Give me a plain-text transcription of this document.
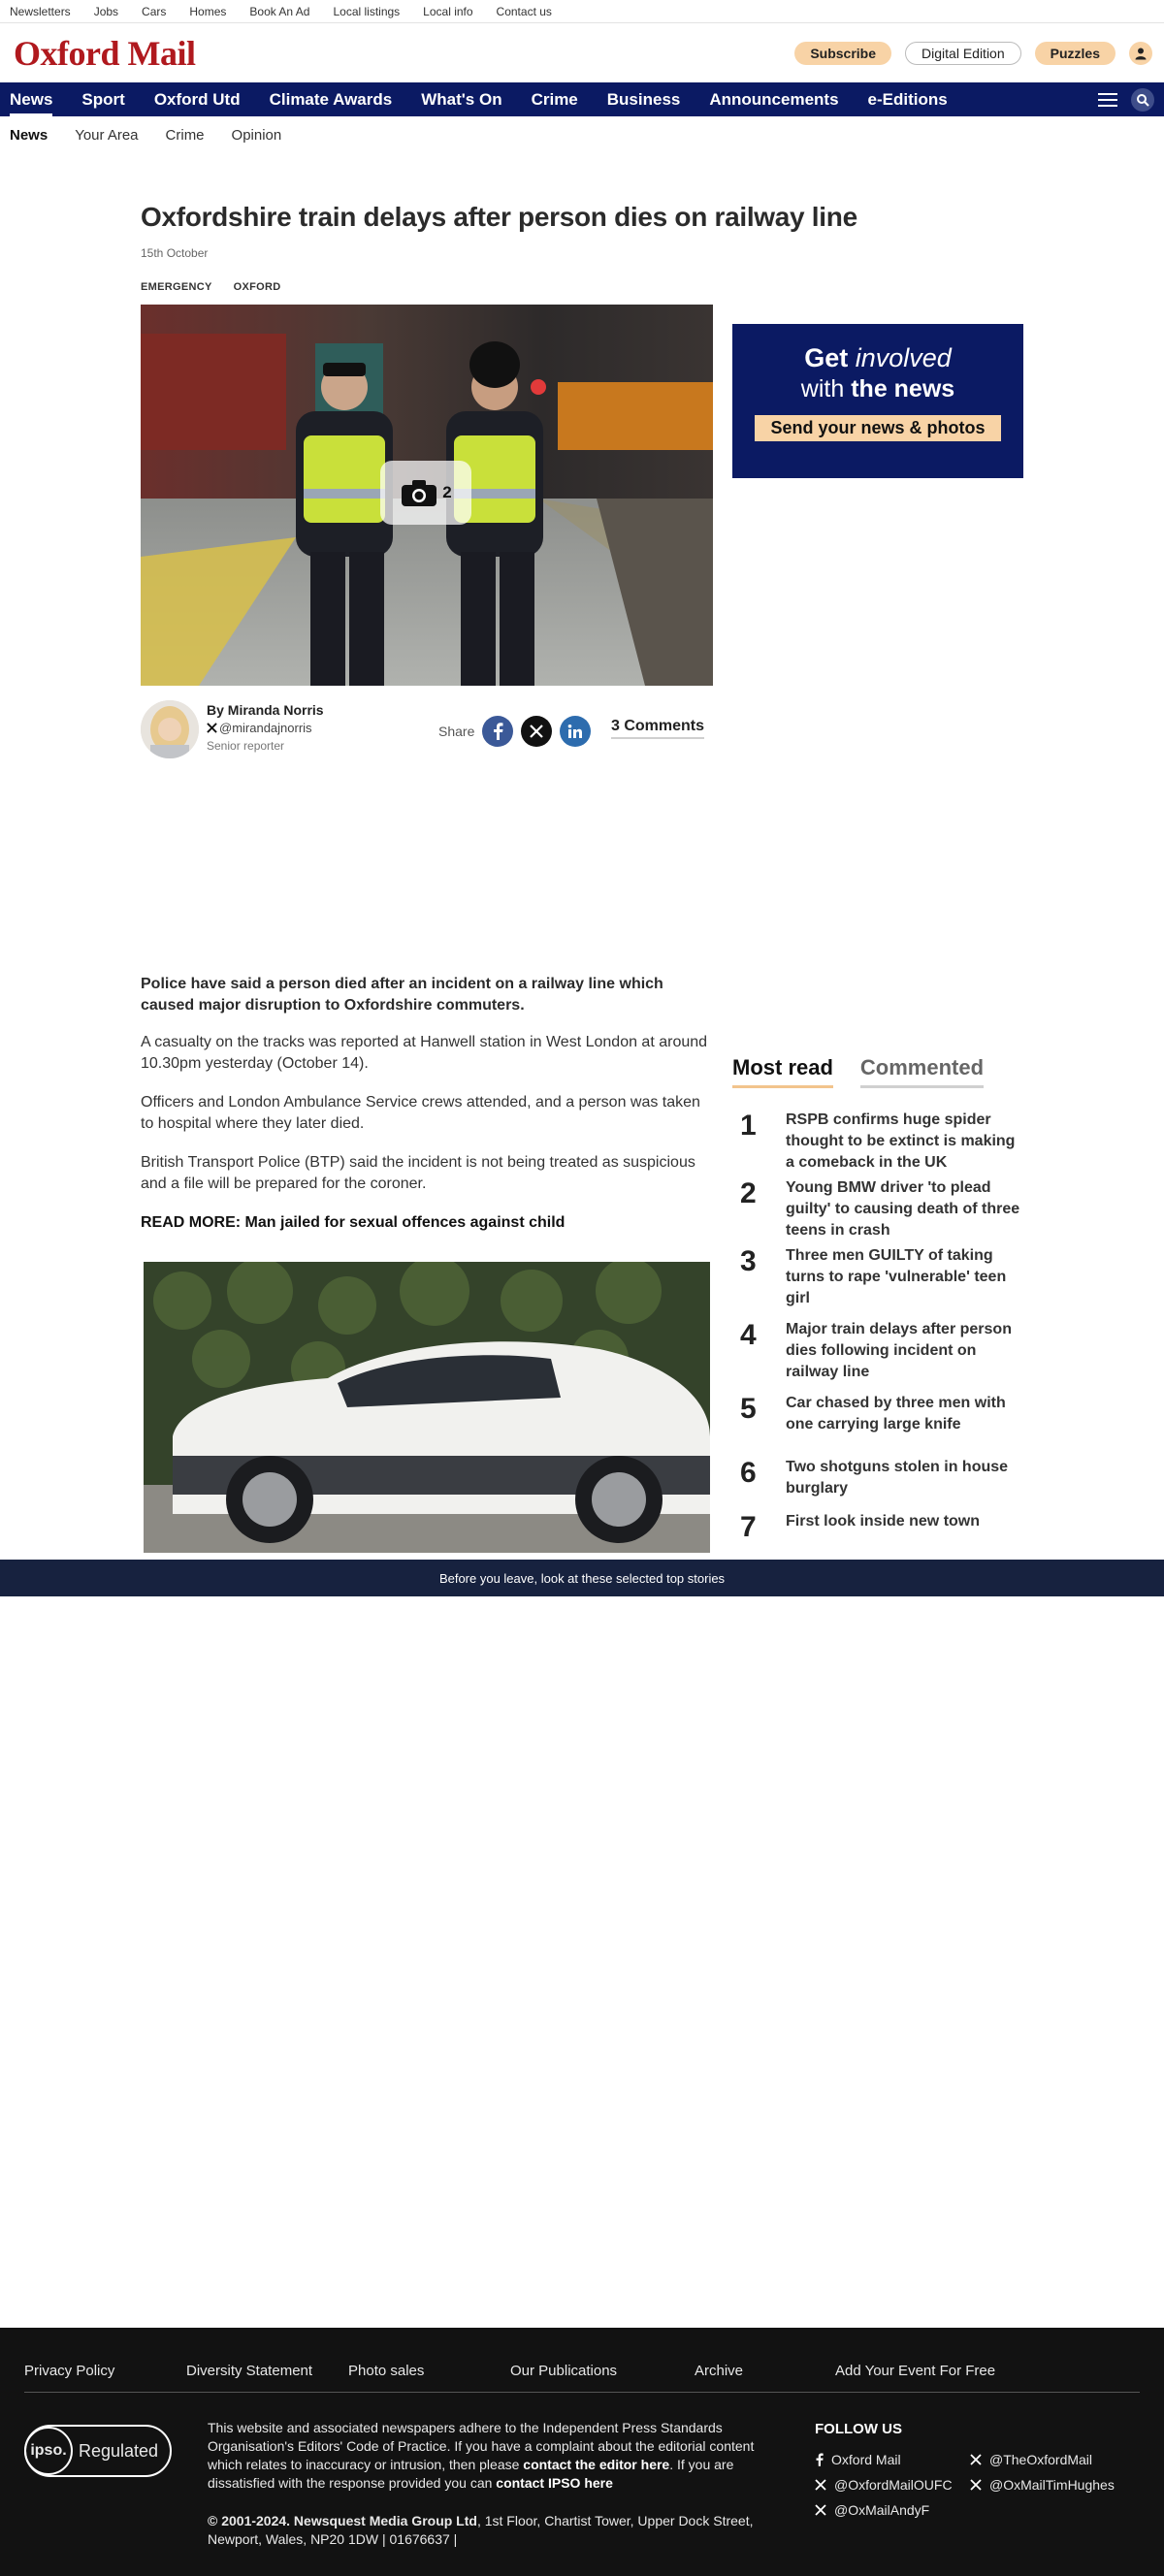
Newsletters Jobs Cars Homes Book An Ad Local listings Local info Contact us
Oxford Mail	Subscribe	Digital Edition	Puzzles
News Sport Oxford Utd Climate Awards What's On Crime Business Announcements e-Editions
News Your Area Crime Opinion
Oxfordshire train delays after person dies on railway line
15th October
EMERGENCY OXFORD
2
By Miranda Norris
@mirandajnorris
Senior reporter
Share	3 Comments

Police have said a person died after an incident on a railway line which caused major disruption to Oxfordshire commuters.

A casualty on the tracks was reported at Hanwell station in West London at around 10.30pm yesterday (October 14).

Officers and London Ambulance Service crews attended, and a person was taken to hospital where they later died.

British Transport Police (BTP) said the incident is not being treated as suspicious and a file will be prepared for the coroner.

READ MORE: Man jailed for sexual offences against child

Get involved
with the news
Send your news & photos
Most read Commented
1	RSPB confirms huge spider thought to be extinct is making a comeback in the UK
2	Young BMW driver 'to plead guilty' to causing death of three teens in crash
3	Three men GUILTY of taking turns to rape 'vulnerable' teen girl
4	Major train delays after person dies following incident on railway line
5	Car chased by three men with one carrying large knife
6	Two shotguns stolen in house burglary
7	First look inside new town
Before you leave, look at these selected top stories
Privacy Policy	Diversity Statement	Photo sales	Our Publications	Archive	Add Your Event For Free
ipso. Regulated
This website and associated newspapers adhere to the Independent Press Standards Organisation's Editors' Code of Practice. If you have a complaint about the editorial content which relates to inaccuracy or intrusion, then please contact the editor here. If you are dissatisfied with the response provided you can contact IPSO here
© 2001-2024. Newsquest Media Group Ltd, 1st Floor, Chartist Tower, Upper Dock Street, Newport, Wales, NP20 1DW | 01676637 |
FOLLOW US
Oxford Mail	@TheOxfordMail
@OxfordMailOUFC	@OxMailTimHughes
@OxMailAndyF
